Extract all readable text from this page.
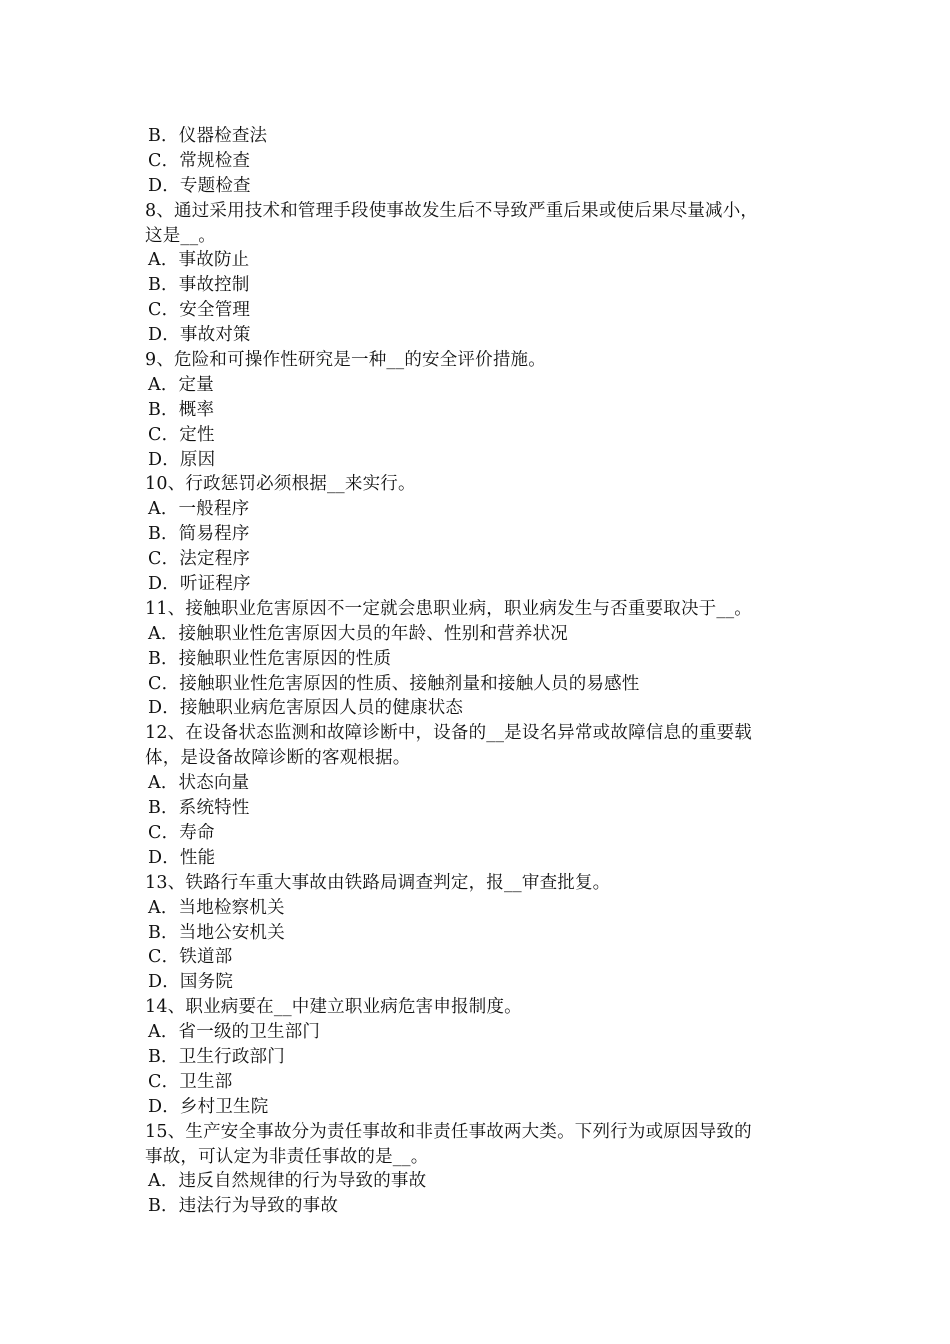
B．仪器检查法
C．常规检查
D．专题检查
8、通过采用技术和管理手段使事故发生后不导致严重后果或使后果尽量减小，
这是__。
A．事故防止
B．事故控制
C．安全管理
D．事故对策
9、危险和可操作性研究是一种__的安全评价措施。
A．定量
B．概率
C．定性
D．原因
10、行政惩罚必须根据__来实行。
A．一般程序
B．简易程序
C．法定程序
D．听证程序
11、接触职业危害原因不一定就会患职业病，职业病发生与否重要取决于__。
A．接触职业性危害原因大员的年龄、性别和营养状况
B．接触职业性危害原因的性质
C．接触职业性危害原因的性质、接触剂量和接触人员的易感性
D．接触职业病危害原因人员的健康状态
12、在设备状态监测和故障诊断中，设备的__是设名异常或故障信息的重要载
体，是设备故障诊断的客观根据。
A．状态向量
B．系统特性
C．寿命
D．性能
13、铁路行车重大事故由铁路局调查判定，报__审查批复。
A．当地检察机关
B．当地公安机关
C．铁道部
D．国务院
14、职业病要在__中建立职业病危害申报制度。
A．省一级的卫生部门
B．卫生行政部门
C．卫生部
D．乡村卫生院
15、生产安全事故分为责任事故和非责任事故两大类。下列行为或原因导致的
事故，可认定为非责任事故的是__。
A．违反自然规律的行为导致的事故
B．违法行为导致的事故
